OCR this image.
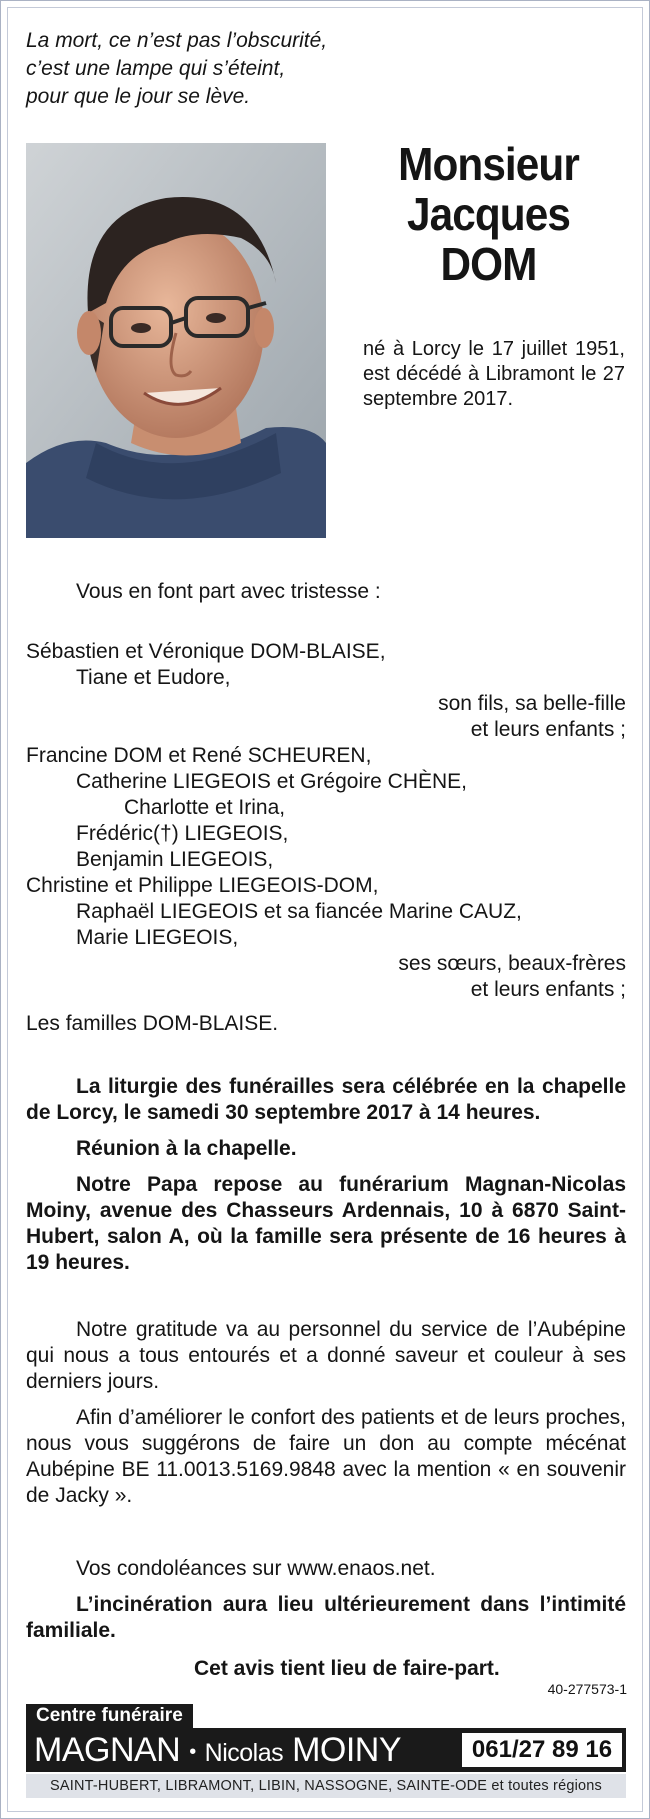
La mort, ce n’est pas l’obscurité,
c’est une lampe qui s’éteint,
pour que le jour se lève.
Monsieur
Jacques
DOM
né à Lorcy le 17 juillet 1951, est décédé à Libramont le 27 septembre 2017.
Vous en font part avec tristesse :
Sébastien et Véronique DOM-BLAISE,
Tiane et Eudore,
son fils, sa belle-fille
et leurs enfants ;
Francine DOM et René SCHEUREN,
Catherine LIEGEOIS et Grégoire CHÈNE,
Charlotte et Irina,
Frédéric(†) LIEGEOIS,
Benjamin LIEGEOIS,
Christine et Philippe LIEGEOIS-DOM,
Raphaël LIEGEOIS et sa fiancée Marine CAUZ,
Marie LIEGEOIS,
ses sœurs, beaux-frères
et leurs enfants ;
Les familles DOM-BLAISE.
La liturgie des funérailles sera célébrée en la chapelle de Lorcy, le samedi 30 septembre 2017 à 14 heures.
Réunion à la chapelle.
Notre Papa repose au funérarium Magnan-Nicolas Moiny, avenue des Chasseurs Ardennais, 10 à 6870 Saint-Hubert, salon A, où la famille sera présente de 16 heures à 19 heures.
Notre gratitude va au personnel du service de l’Aubépine qui nous a tous entourés et a donné saveur et couleur à ses derniers jours.
Afin d’améliorer le confort des patients et de leurs proches, nous vous suggérons de faire un don au compte mécénat Aubépine BE 11.0013.5169.9848 avec la mention « en souvenir de Jacky ».
Vos condoléances sur www.enaos.net.
L’incinération aura lieu ultérieurement dans l’intimité familiale.
Cet avis tient lieu de faire-part.
40-277573-1
Centre funéraire
MAGNAN • Nicolas MOINY	061/27 89 16
SAINT-HUBERT, LIBRAMONT, LIBIN, NASSOGNE, SAINTE-ODE et toutes régions
